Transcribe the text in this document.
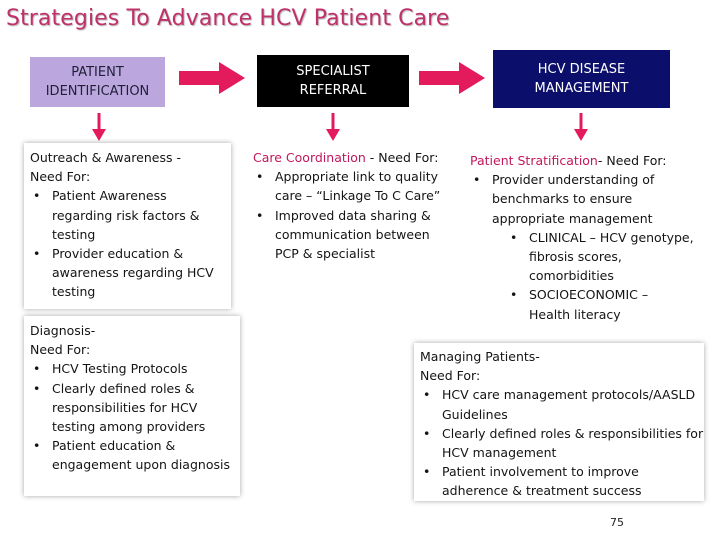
Strategies To Advance HCV Patient Care
PATIENT
IDENTIFICATION
SPECIALIST
REFERRAL
HCV DISEASE
MANAGEMENT
Outreach & Awareness -
Need For:
• Patient Awareness regarding risk factors & testing
• Provider education & awareness regarding HCV testing
Diagnosis-
Need For:
• HCV Testing Protocols
• Clearly defined roles & responsibilities for HCV testing among providers
• Patient education & engagement upon diagnosis
Care Coordination - Need For:
• Appropriate link to quality care – “Linkage To C Care”
• Improved data sharing & communication between PCP & specialist
Patient Stratification- Need For:
• Provider understanding of benchmarks to ensure appropriate management
• CLINICAL – HCV genotype, fibrosis scores, comorbidities
• SOCIOECONOMIC – Health literacy
Managing Patients-
Need For:
• HCV care management protocols/AASLD Guidelines
• Clearly defined roles & responsibilities for HCV management
• Patient involvement to improve adherence & treatment success
75
